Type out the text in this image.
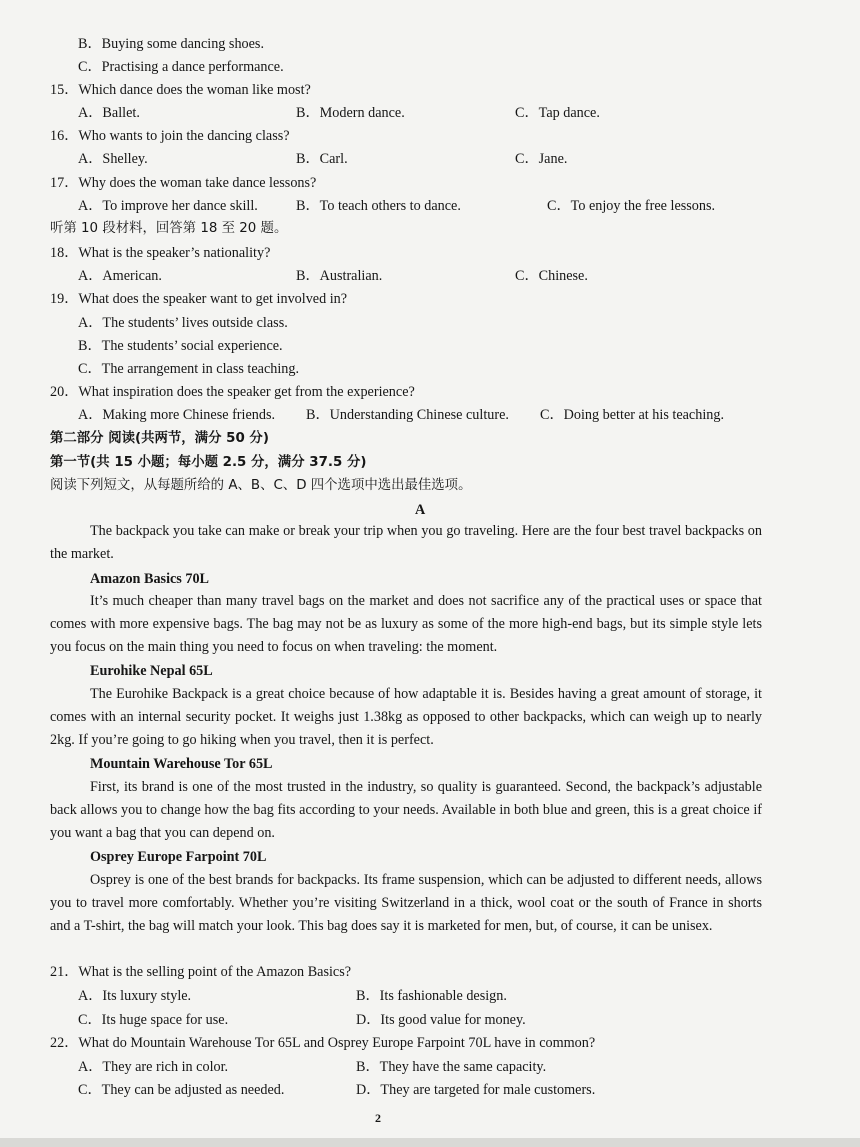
B．Buying some dancing shoes.
C．Practising a dance performance.
15．Which dance does the woman like most?
A．Ballet.	B．Modern dance.	C．Tap dance.
16．Who wants to join the dancing class?
A．Shelley.	B．Carl.	C．Jane.
17．Why does the woman take dance lessons?
A．To improve her dance skill.	B．To teach others to dance.	C．To enjoy the free lessons.
听第 10 段材料，回答第 18 至 20 题。
18．What is the speaker’s nationality?
A．American.	B．Australian.	C．Chinese.
19．What does the speaker want to get involved in?
A．The students’ lives outside class.
B．The students’ social experience.
C．The arrangement in class teaching.
20．What inspiration does the speaker get from the experience?
A．Making more Chinese friends. B．Understanding Chinese culture. C．Doing better at his teaching.
第二部分 阅读(共两节，满分 50 分)
第一节(共 15 小题；每小题 2.5 分，满分 37.5 分)
阅读下列短文，从每题所给的 A、B、C、D 四个选项中选出最佳选项。
A

The backpack you take can make or break your trip when you go traveling. Here are the four best travel backpacks on the market.

Amazon Basics 70L

It’s much cheaper than many travel bags on the market and does not sacrifice any of the practical uses or space that comes with more expensive bags. The bag may not be as luxury as some of the more high-end bags, but its simple style lets you focus on the main thing you need to focus on when traveling: the moment.

Eurohike Nepal 65L

The Eurohike Backpack is a great choice because of how adaptable it is. Besides having a great amount of storage, it comes with an internal security pocket. It weighs just 1.38kg as opposed to other backpacks, which can weigh up to nearly 2kg. If you’re going to go hiking when you travel, then it is perfect.

Mountain Warehouse Tor 65L

First, its brand is one of the most trusted in the industry, so quality is guaranteed. Second, the backpack’s adjustable back allows you to change how the bag fits according to your needs. Available in both blue and green, this is a great choice if you want a bag that you can depend on.

Osprey Europe Farpoint 70L

Osprey is one of the best brands for backpacks. Its frame suspension, which can be adjusted to different needs, allows you to travel more comfortably. Whether you’re visiting Switzerland in a thick, wool coat or the south of France in shorts and a T-shirt, the bag will match your look. This bag does say it is marketed for men, but, of course, it can be unisex.

21．What is the selling point of the Amazon Basics?
A．Its luxury style.	B．Its fashionable design.
C．Its huge space for use.	D．Its good value for money.
22．What do Mountain Warehouse Tor 65L and Osprey Europe Farpoint 70L have in common?
A．They are rich in color.	B．They have the same capacity.
C．They can be adjusted as needed.	D．They are targeted for male customers.
2
